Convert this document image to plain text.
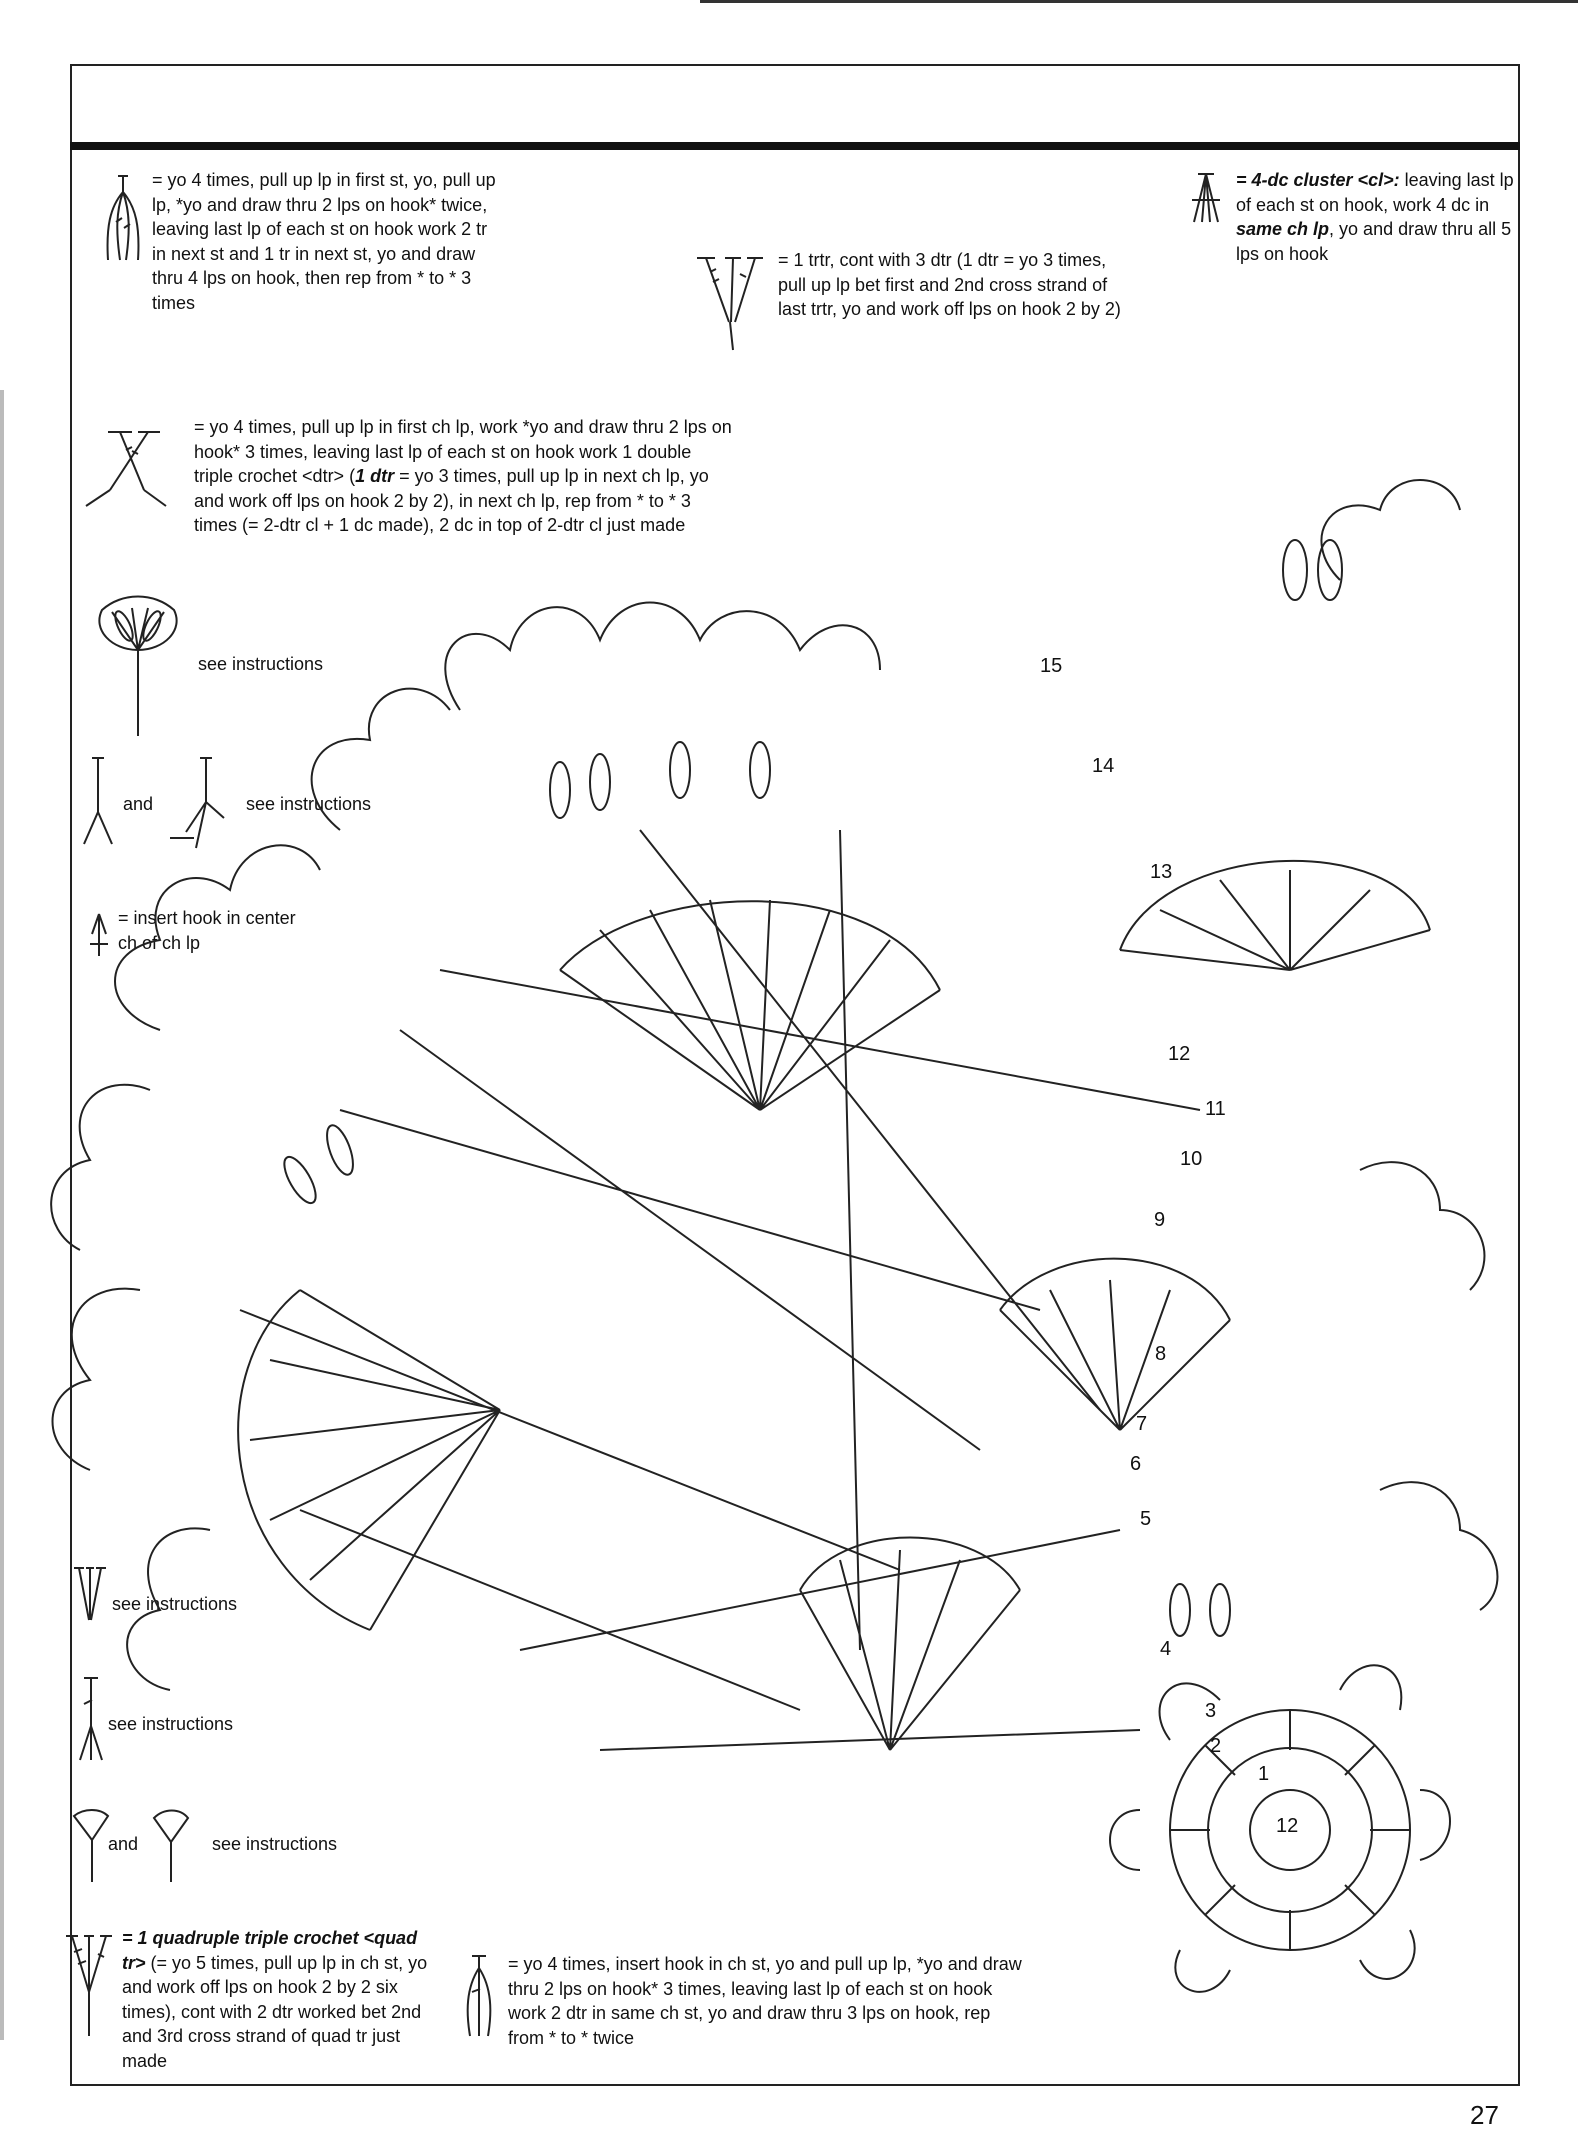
= yo 4 times, pull up lp in first st, yo, pull up lp, *yo and draw thru 2 lps on hook* twice, leaving last lp of each st on hook work 2 tr in next st and 1 tr in next st, yo and draw thru 4 lps on hook, then rep from * to * 3 times
= 1 trtr, cont with 3 dtr (1 dtr = yo 3 times, pull up lp bet first and 2nd cross strand of last trtr, yo and work off lps on hook 2 by 2)
= 4-dc cluster <cl>: leaving last lp of each st on hook, work 4 dc in same ch lp, yo and draw thru all 5 lps on hook
= yo 4 times, pull up lp in first ch lp, work *yo and draw thru 2 lps on hook* 3 times, leaving last lp of each st on hook work 1 double triple crochet <dtr> (1 dtr = yo 3 times, pull up lp in next ch lp, yo and work off lps on hook 2 by 2), in next ch lp, rep from * to * 3 times (= 2-dtr cl + 1 dc made), 2 dc in top of 2-dtr cl just made
see instructions
and	see instructions
= insert hook in center ch of ch lp
see instructions
see instructions
and	see instructions
= 1 quadruple triple crochet <quad tr> (= yo 5 times, pull up lp in ch st, yo and work off lps on hook 2 by 2 six times), cont with 2 dtr worked bet 2nd and 3rd cross strand of quad tr just made
= yo 4 times, insert hook in ch st, yo and pull up lp, *yo and draw thru 2 lps on hook* 3 times, leaving last lp of each st on hook work 2 dtr in same ch st, yo and draw thru 3 lps on hook, rep from * to * twice
1
2
3
4
5
6
7
8
9
10
11
12
13
14
15
12
27
